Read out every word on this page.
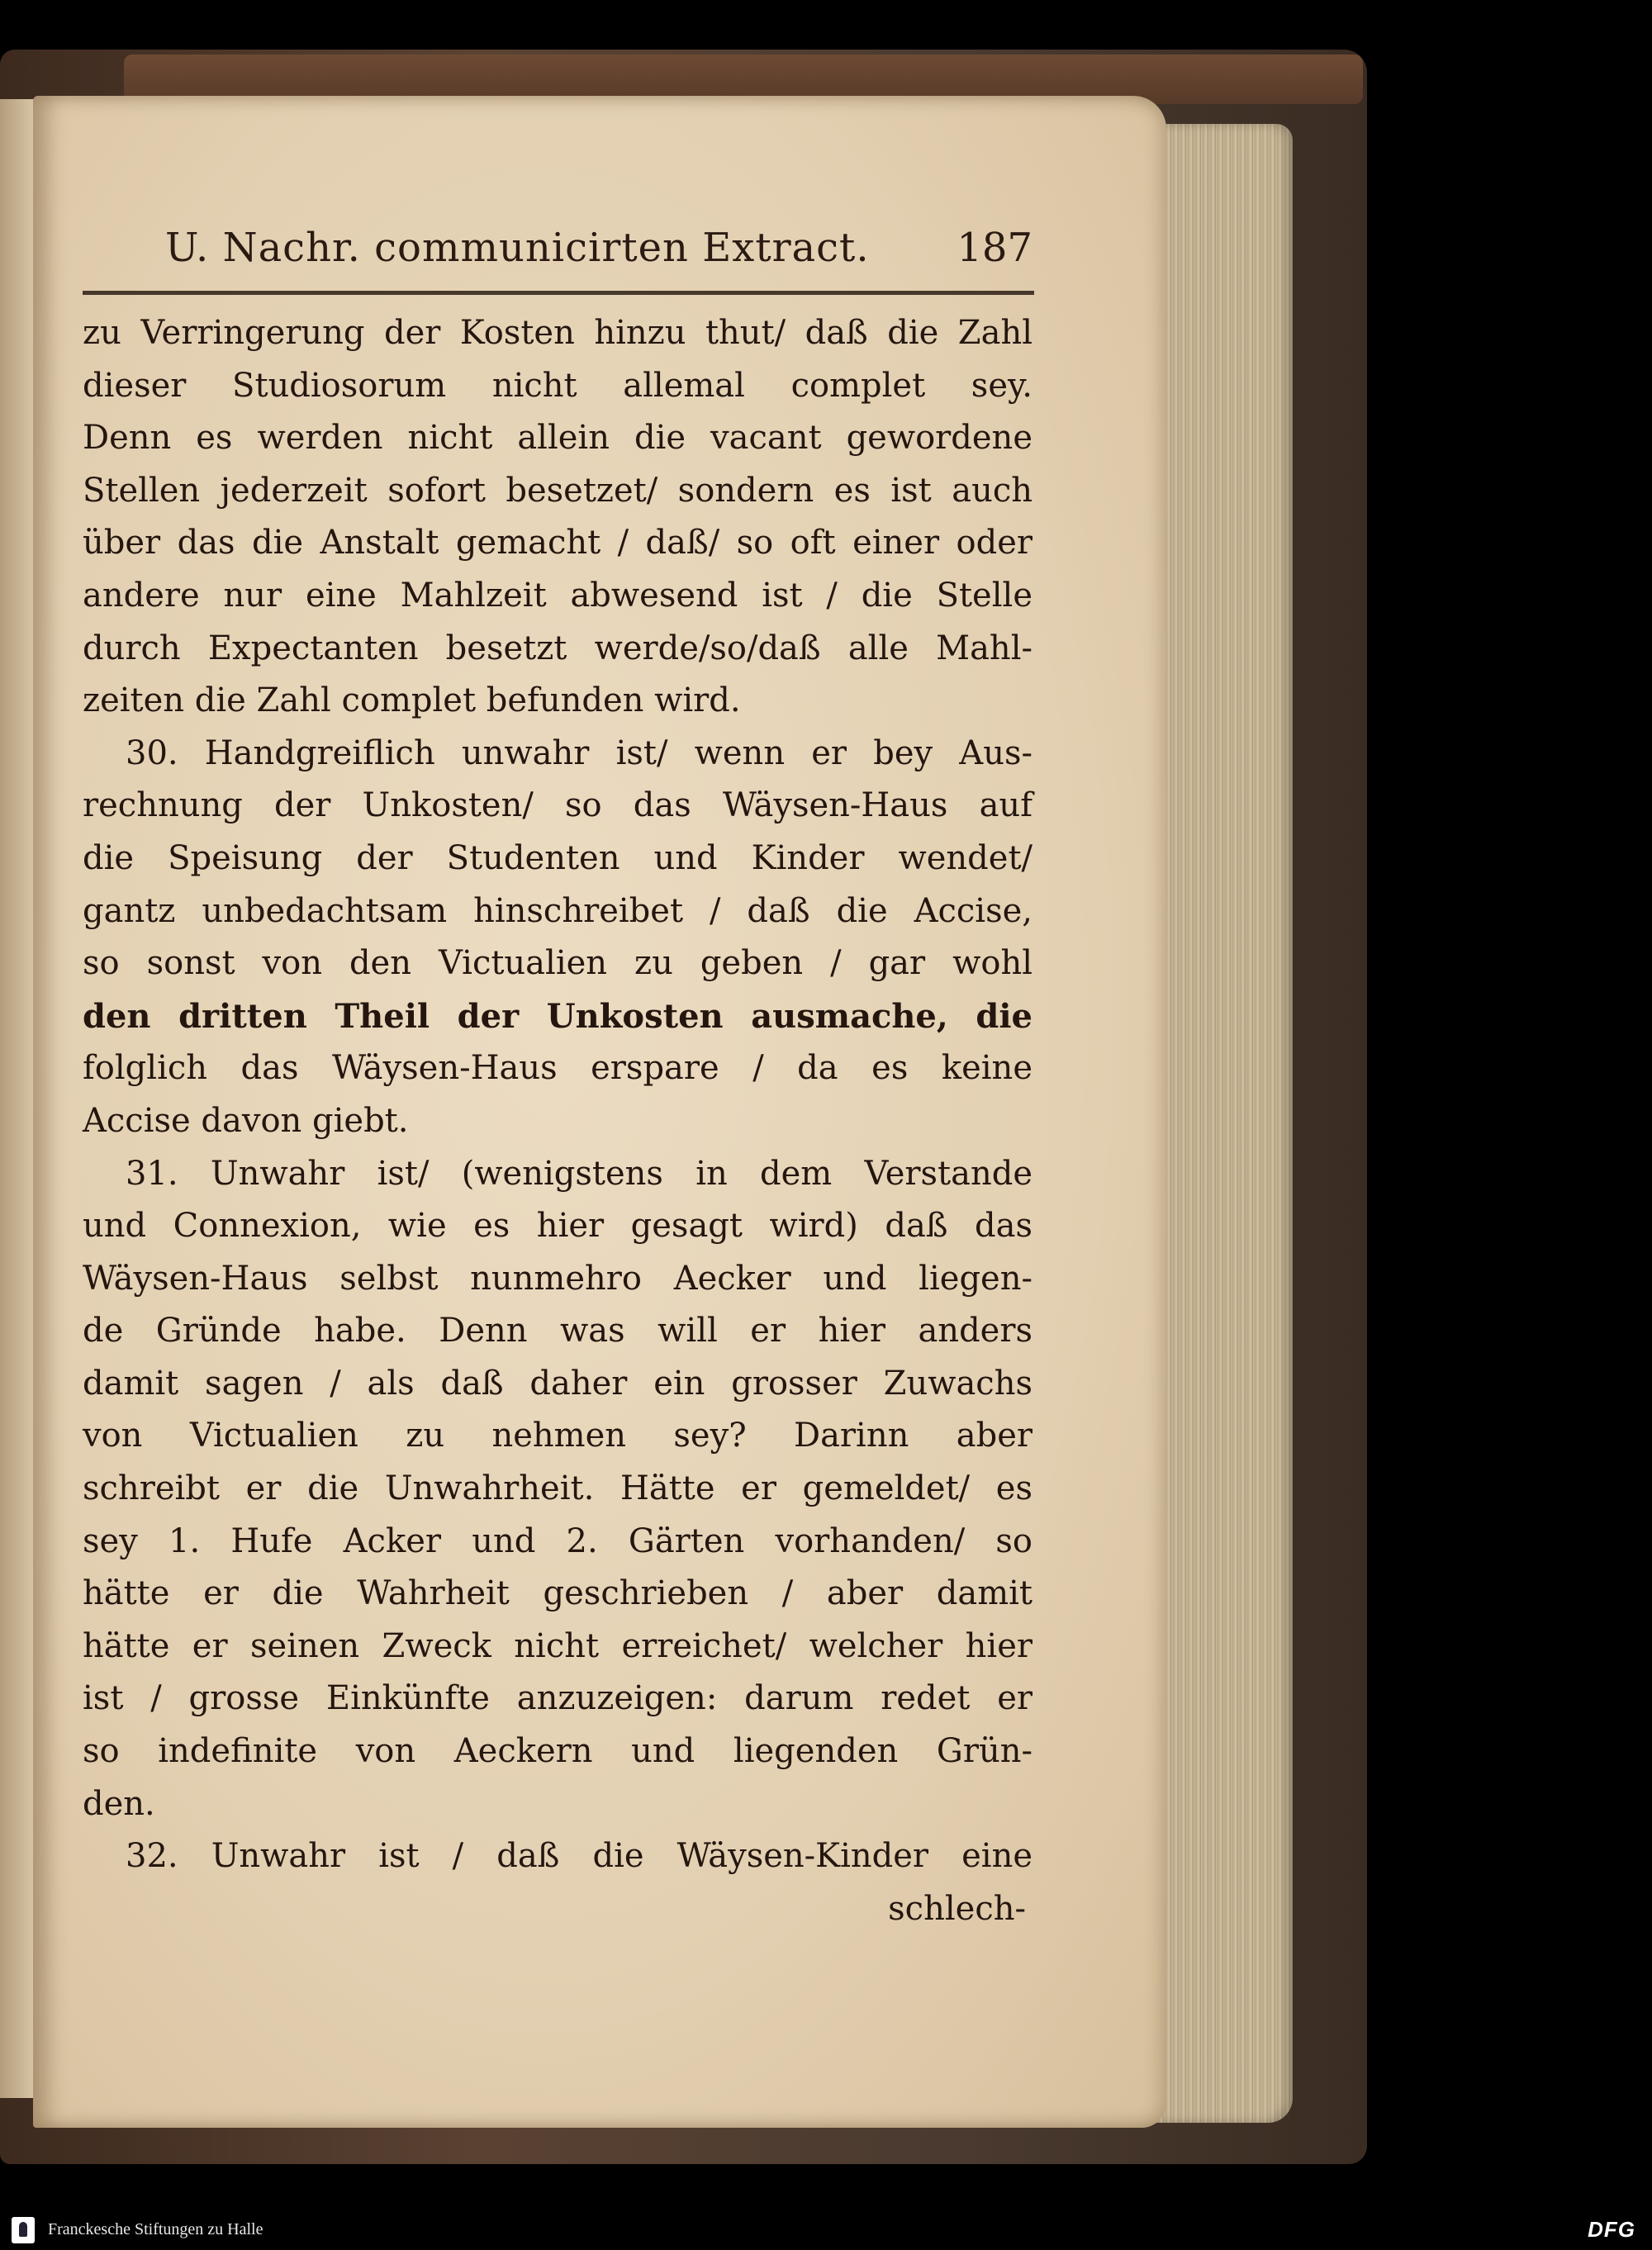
U. Nachr. communicirten Extract. 187
zu Verringerung der Kosten hinzu thut/ daß die Zahl
dieser Studiosorum nicht allemal complet sey.
Denn es werden nicht allein die vacant gewordene
Stellen jederzeit sofort besetzet/ sondern es ist auch
über das die Anstalt gemacht / daß/ so oft einer oder
andere nur eine Mahlzeit abwesend ist / die Stelle
durch Expectanten besetzt werde/so/daß alle Mahl-
zeiten die Zahl complet befunden wird.
30. Handgreiflich unwahr ist/ wenn er bey Aus-
rechnung der Unkosten/ so das Wäysen-Haus auf
die Speisung der Studenten und Kinder wendet/
gantz unbedachtsam hinschreibet / daß die Accise,
so sonst von den Victualien zu geben / gar wohl
den dritten Theil der Unkosten ausmache, die
folglich das Wäysen-Haus erspare / da es keine
Accise davon giebt.
31. Unwahr ist/ (wenigstens in dem Verstande
und Connexion, wie es hier gesagt wird) daß das
Wäysen-Haus selbst nunmehro Aecker und liegen-
de Gründe habe. Denn was will er hier anders
damit sagen / als daß daher ein grosser Zuwachs
von Victualien zu nehmen sey? Darinn aber
schreibt er die Unwahrheit. Hätte er gemeldet/ es
sey 1. Hufe Acker und 2. Gärten vorhanden/ so
hätte er die Wahrheit geschrieben / aber damit
hätte er seinen Zweck nicht erreichet/ welcher hier
ist / grosse Einkünfte anzuzeigen: darum redet er
so indefinite von Aeckern und liegenden Grün-
den.
32. Unwahr ist / daß die Wäysen-Kinder eine
schlech-
Franckesche Stiftungen zu Halle	DFG
